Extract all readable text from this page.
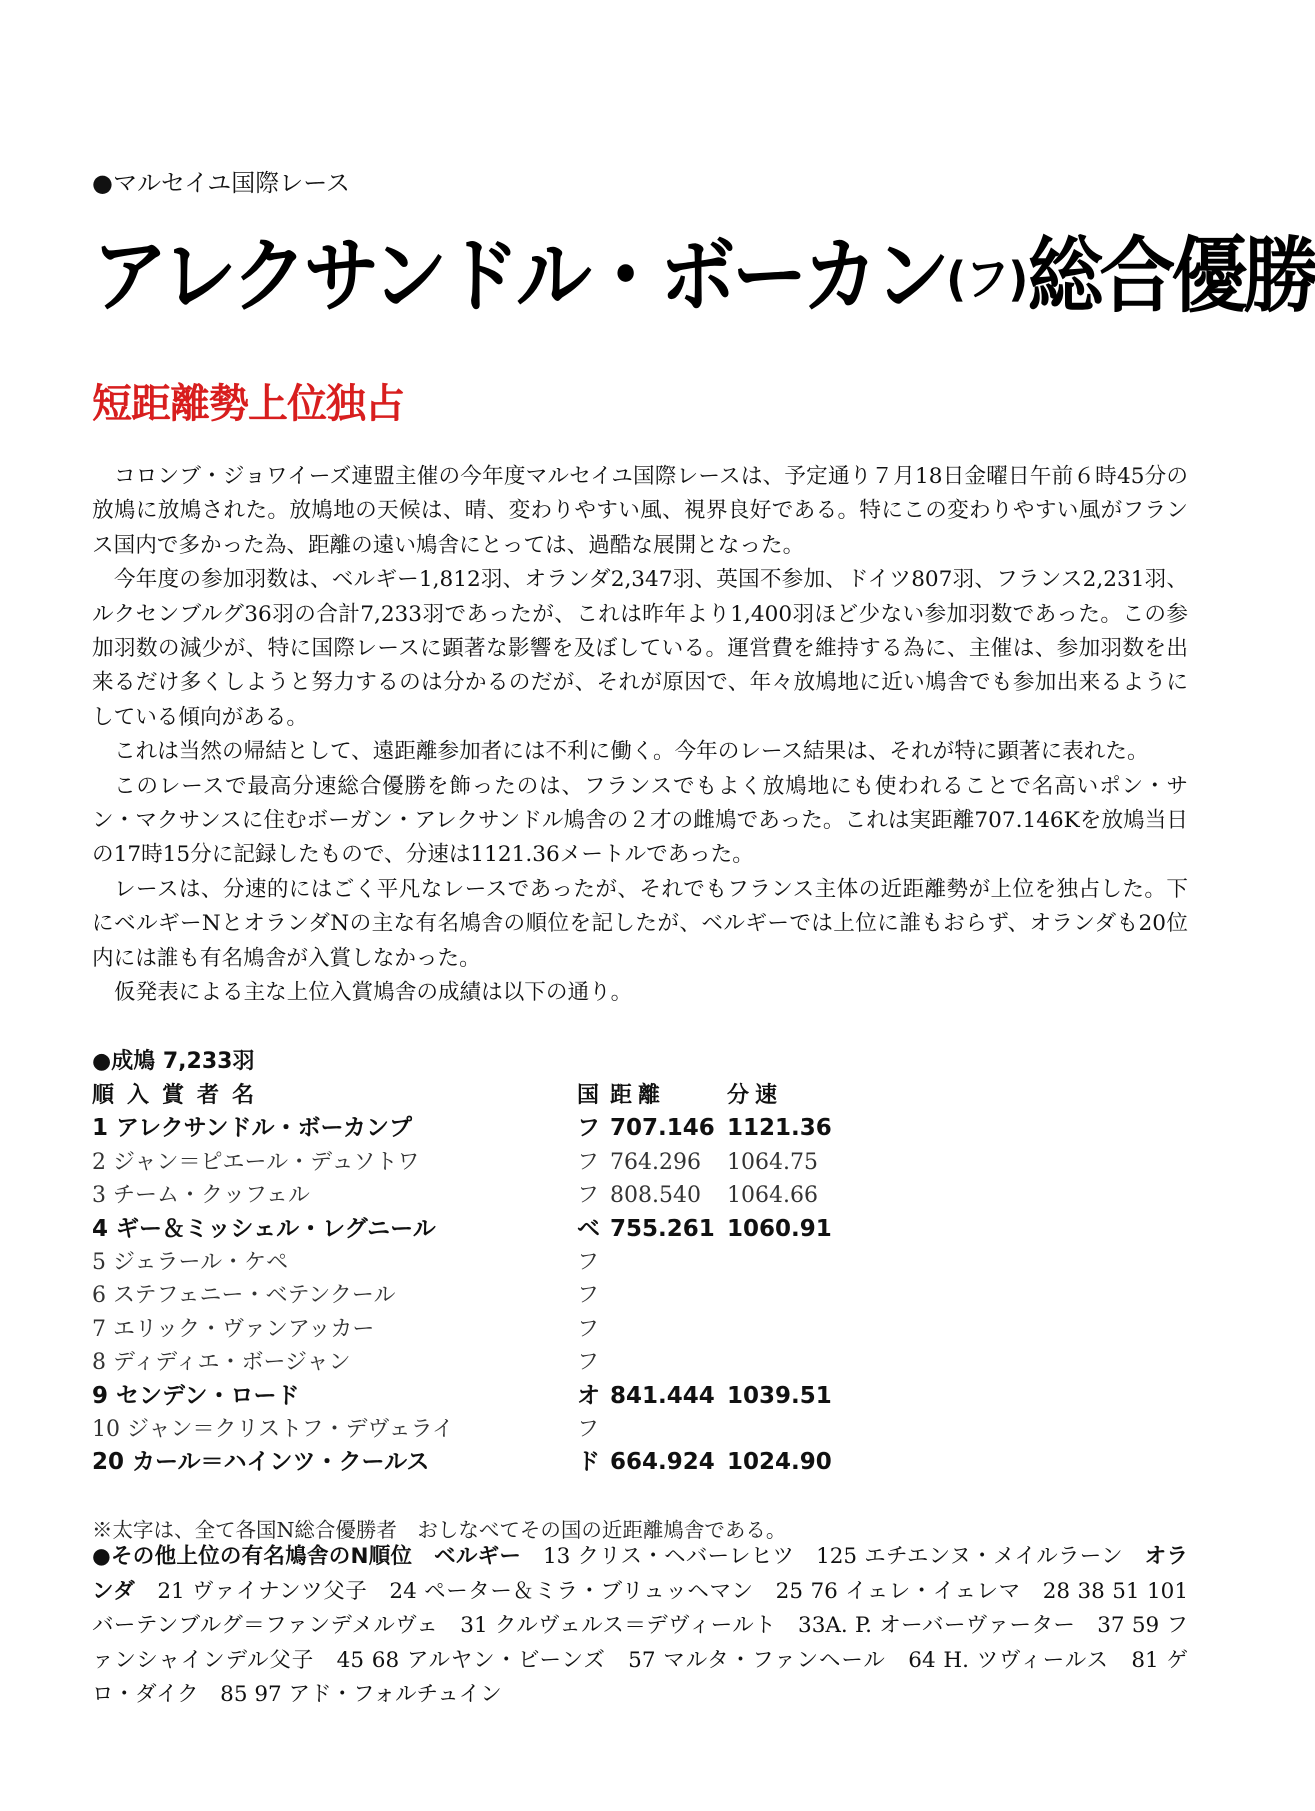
●マルセイユ国際レース
アレクサンドル・ボーカン(フ)総合優勝
短距離勢上位独占

コロンブ・ジョワイーズ連盟主催の今年度マルセイユ国際レースは、予定通り７月18日金曜日午前６時45分の放鳩に放鳩された。放鳩地の天候は、晴、変わりやすい風、視界良好である。特にこの変わりやすい風がフランス国内で多かった為、距離の遠い鳩舎にとっては、過酷な展開となった。

今年度の参加羽数は、ベルギー1,812羽、オランダ2,347羽、英国不参加、ドイツ807羽、フランス2,231羽、ルクセンブルグ36羽の合計7,233羽であったが、これは昨年より1,400羽ほど少ない参加羽数であった。この参加羽数の減少が、特に国際レースに顕著な影響を及ぼしている。運営費を維持する為に、主催は、参加羽数を出来るだけ多くしようと努力するのは分かるのだが、それが原因で、年々放鳩地に近い鳩舎でも参加出来るようにしている傾向がある。

これは当然の帰結として、遠距離参加者には不利に働く。今年のレース結果は、それが特に顕著に表れた。

このレースで最高分速総合優勝を飾ったのは、フランスでもよく放鳩地にも使われることで名高いポン・サン・マクサンスに住むボーガン・アレクサンドル鳩舎の２才の雌鳩であった。これは実距離707.146Kを放鳩当日の17時15分に記録したもので、分速は1121.36メートルであった。

レースは、分速的にはごく平凡なレースであったが、それでもフランス主体の近距離勢が上位を独占した。下にベルギーNとオランダNの主な有名鳩舎の順位を記したが、ベルギーでは上位に誰もおらず、オランダも20位内には誰も有名鳩舎が入賞しなかった。

仮発表による主な上位入賞鳩舎の成績は以下の通り。

●成鳩 7,233羽
順入賞者名	国 距離	分速
1 アレクサンドル・ボーカンプ	フ 707.146 1121.36
2 ジャン＝ピエール・デュソトワ	フ 764.296 1064.75
3 チーム・クッフェル	フ 808.540 1064.66
4 ギー＆ミッシェル・レグニール	ベ 755.261 1060.91
5 ジェラール・ケペ	フ
6 ステフェニー・ベテンクール	フ
7 エリック・ヴァンアッカー	フ
8 ディディエ・ボージャン	フ
9 センデン・ロード	オ 841.444 1039.51
10 ジャン＝クリストフ・デヴェライ	フ
20 カール＝ハインツ・クールス	ド 664.924 1024.90
※太字は、全て各国N総合優勝者　おしなべてその国の近距離鳩舎である。
●その他上位の有名鳩舎のN順位　 ベルギー　 13 クリス・ヘバーレヒツ　125 エチエンヌ・メイルラーン　 オランダ　 21 ヴァイナンツ父子　24 ペーター＆ミラ・ブリュッヘマン　25 76 イェレ・イェレマ　28 38 51 101 バーテンブルグ＝ファンデメルヴェ　31 クルヴェルス＝デヴィールト　33A. P. オーバーヴァーター　37 59 ファンシャインデル父子　45 68 アルヤン・ビーンズ　57 マルタ・ファンヘール　64 H. ツヴィールス　81 ゲロ・ダイク　85 97 アド・フォルチュイン
